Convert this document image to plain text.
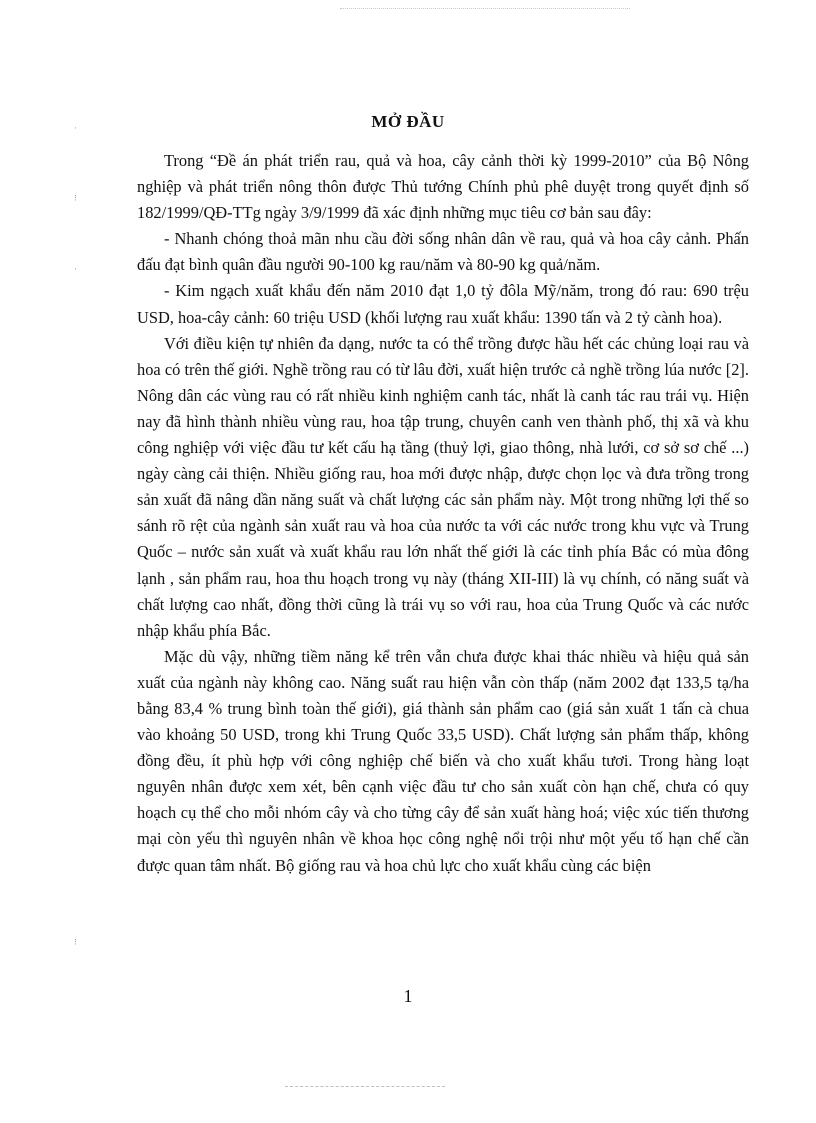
·
⁝
·
⁝
MỞ ĐẦU

Trong “Đề án phát triển rau, quả và hoa, cây cảnh thời kỳ 1999-2010” của Bộ Nông nghiệp và phát triển nông thôn được Thủ tướng Chính phủ phê duyệt trong quyết định số 182/1999/QĐ-TTg ngày 3/9/1999 đã xác định những mục tiêu cơ bản sau đây:

- Nhanh chóng thoả mãn nhu cầu đời sống nhân dân về rau, quả và hoa cây cảnh. Phấn đấu đạt bình quân đầu người 90-100 kg rau/năm và 80-90 kg quả/năm.

- Kim ngạch xuất khẩu đến năm 2010 đạt 1,0 tỷ đôla Mỹ/năm, trong đó rau: 690 trệu USD, hoa-cây cảnh: 60 triệu USD (khối lượng rau xuất khẩu: 1390 tấn và 2 tỷ cành hoa).

Với điều kiện tự nhiên đa dạng, nước ta có thể trồng được hầu hết các chủng loại rau và hoa có trên thế giới. Nghề trồng rau có từ lâu đời, xuất hiện trước cả nghề trồng lúa nước [2]. Nông dân các vùng rau có rất nhiều kinh nghiệm canh tác, nhất là canh tác rau trái vụ. Hiện nay đã hình thành nhiều vùng rau, hoa tập trung, chuyên canh ven thành phố, thị xã và khu công nghiệp với việc đầu tư kết cấu hạ tầng (thuỷ lợi, giao thông, nhà lưới, cơ sở sơ chế ...) ngày càng cải thiện. Nhiều giống rau, hoa mới được nhập, được chọn lọc và đưa trồng trong sản xuất đã nâng dần năng suất và chất lượng các sản phẩm này. Một trong những lợi thế so sánh rõ rệt của ngành sản xuất rau và hoa của nước ta với các nước trong khu vực và Trung Quốc – nước sản xuất và xuất khẩu rau lớn nhất thế giới là các tỉnh phía Bắc có mùa đông lạnh , sản phẩm rau, hoa thu hoạch trong vụ này (tháng XII-III) là vụ chính, có năng suất và chất lượng cao nhất, đồng thời cũng là trái vụ so với rau, hoa của Trung Quốc và các nước nhập khẩu phía Bắc.

Mặc dù vậy, những tiềm năng kể trên vẫn chưa được khai thác nhiều và hiệu quả sản xuất của ngành này không cao. Năng suất rau hiện vẫn còn thấp (năm 2002 đạt 133,5 tạ/ha bằng 83,4 % trung bình toàn thế giới), giá thành sản phẩm cao (giá sản xuất 1 tấn cà chua vào khoảng 50 USD, trong khi Trung Quốc 33,5 USD). Chất lượng sản phẩm thấp, không đồng đều, ít phù hợp với công nghiệp chế biến và cho xuất khẩu tươi. Trong hàng loạt nguyên nhân được xem xét, bên cạnh việc đầu tư cho sản xuất còn hạn chế, chưa có quy hoạch cụ thể cho mỗi nhóm cây và cho từng cây để sản xuất hàng hoá; việc xúc tiến thương mại còn yếu thì nguyên nhân về khoa học công nghệ nổi trội như một yếu tố hạn chế cần được quan tâm nhất. Bộ giống rau và hoa chủ lực cho xuất khẩu cùng các biện

1
